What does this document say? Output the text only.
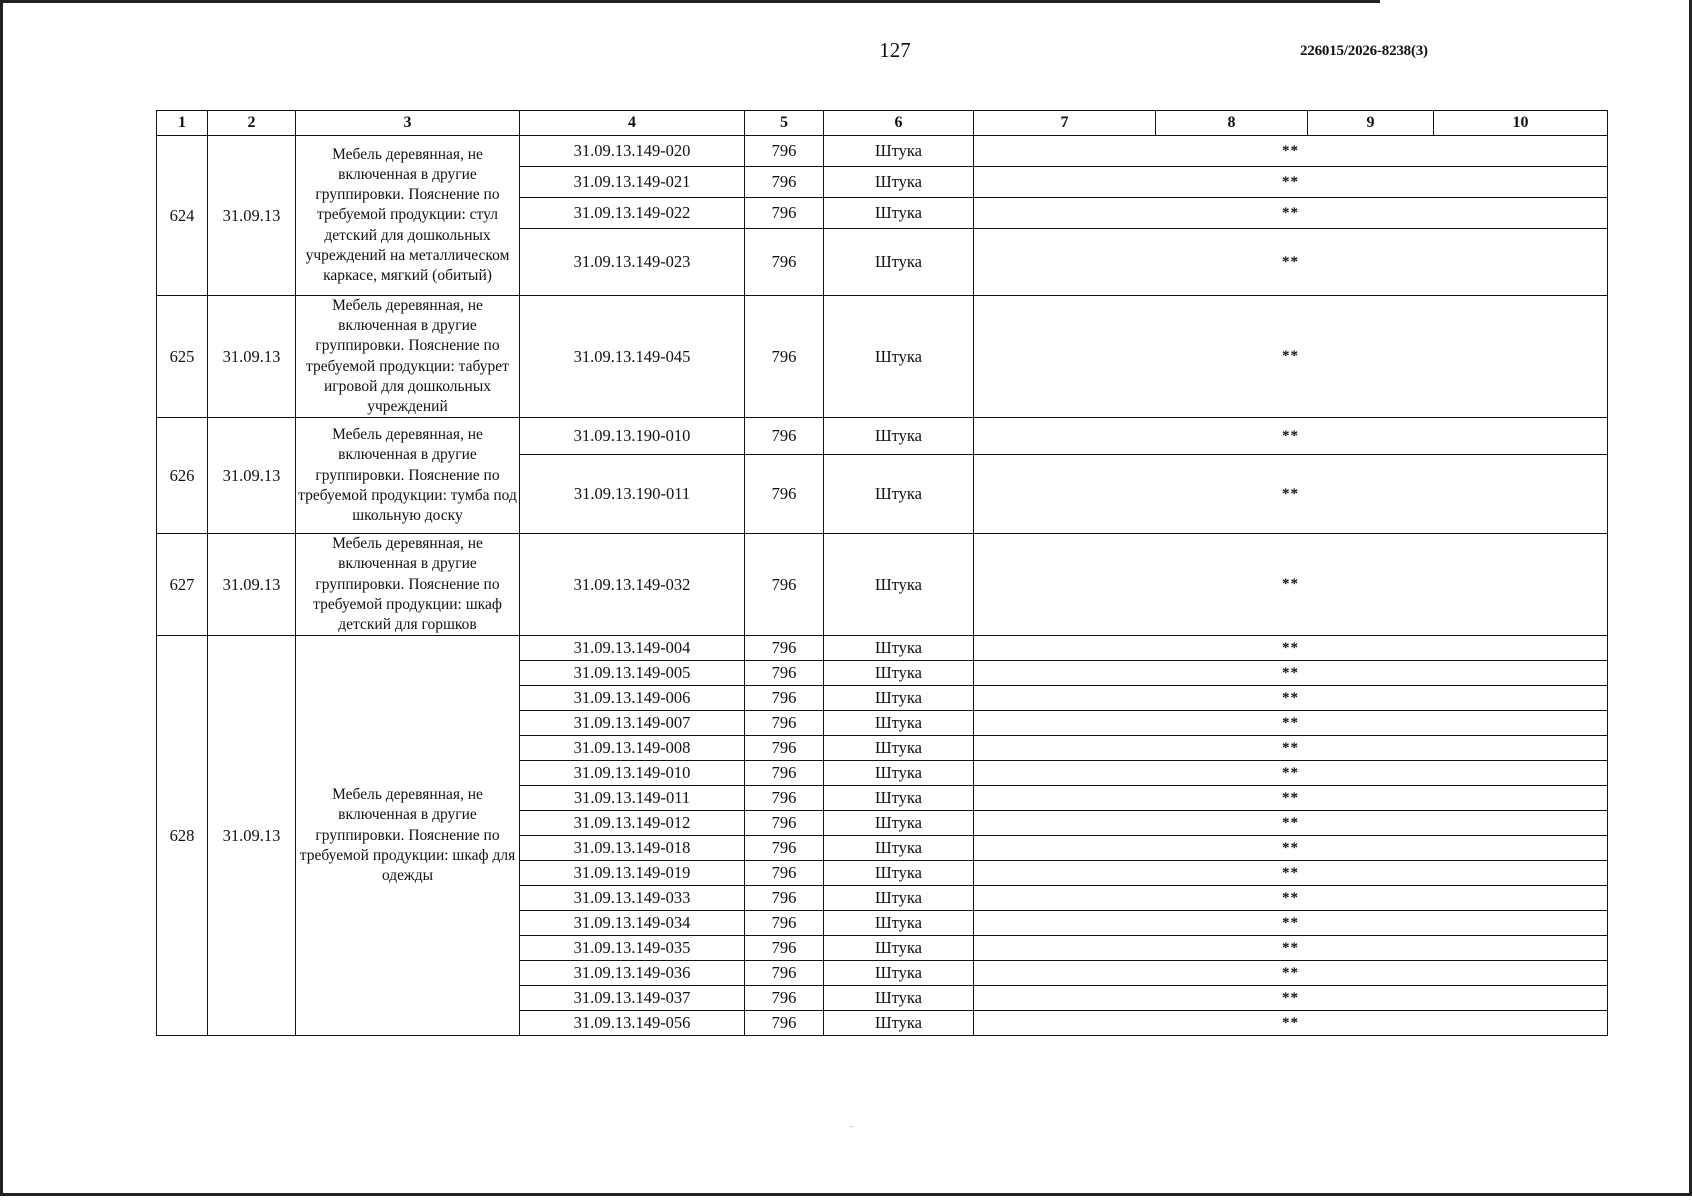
127	226015/2026-8238(3)
1	2	3	4	5	6	7	8	9	10
624	31.09.13	Мебель деревянная, не включенная в другие группировки. Пояснение по требуемой продукции: стул детский для дошкольных учреждений на металлическом каркасе, мягкий (обитый)	31.09.13.149-020	796	Штука	**			
			31.09.13.149-021	796	Штука	**			
			31.09.13.149-022	796	Штука	**			
			31.09.13.149-023	796	Штука	**			
625	31.09.13	Мебель деревянная, не включенная в другие группировки. Пояснение по требуемой продукции: табурет игровой для дошкольных учреждений	31.09.13.149-045	796	Штука	**			
626	31.09.13	Мебель деревянная, не включенная в другие группировки. Пояснение по требуемой продукции: тумба под школьную доску	31.09.13.190-010	796	Штука	**			
			31.09.13.190-011	796	Штука	**			
627	31.09.13	Мебель деревянная, не включенная в другие группировки. Пояснение по требуемой продукции: шкаф детский для горшков	31.09.13.149-032	796	Штука	**			
628	31.09.13	Мебель деревянная, не включенная в другие группировки. Пояснение по требуемой продукции: шкаф для одежды	31.09.13.149-004	796	Штука	**			
			31.09.13.149-005	796	Штука	**			
			31.09.13.149-006	796	Штука	**			
			31.09.13.149-007	796	Штука	**			
			31.09.13.149-008	796	Штука	**			
			31.09.13.149-010	796	Штука	**			
			31.09.13.149-011	796	Штука	**			
			31.09.13.149-012	796	Штука	**			
			31.09.13.149-018	796	Штука	**			
			31.09.13.149-019	796	Штука	**			
			31.09.13.149-033	796	Штука	**			
			31.09.13.149-034	796	Штука	**			
			31.09.13.149-035	796	Штука	**			
			31.09.13.149-036	796	Штука	**			
			31.09.13.149-037	796	Штука	**			
			31.09.13.149-056	796	Штука	**			
